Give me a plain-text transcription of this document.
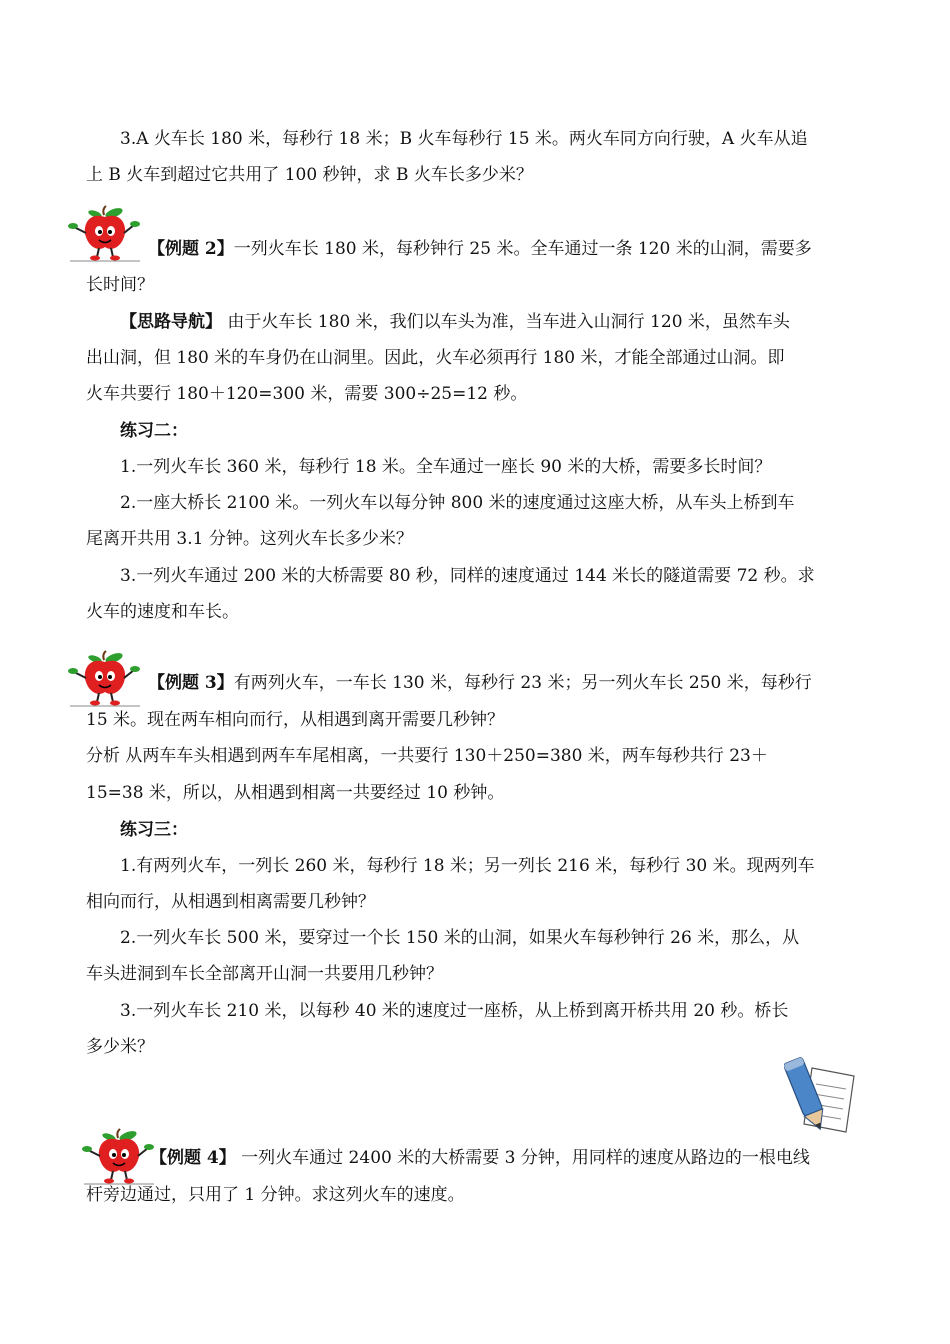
3.A 火车长 180 米，每秒行 18 米；B 火车每秒行 15 米。两火车同方向行驶，A 火车从追
上 B 火车到超过它共用了 100 秒钟，求 B 火车长多少米？
【例题 2】一列火车长 180 米，每秒钟行 25 米。全车通过一条 120 米的山洞，需要多
长时间？
【思路导航】 由于火车长 180 米，我们以车头为准，当车进入山洞行 120 米，虽然车头
出山洞，但 180 米的车身仍在山洞里。因此，火车必须再行 180 米，才能全部通过山洞。即
火车共要行 180＋120=300 米，需要 300÷25=12 秒。
练习二：
1.一列火车长 360 米，每秒行 18 米。全车通过一座长 90 米的大桥，需要多长时间？
2.一座大桥长 2100 米。一列火车以每分钟 800 米的速度通过这座大桥，从车头上桥到车
尾离开共用 3.1 分钟。这列火车长多少米？
3.一列火车通过 200 米的大桥需要 80 秒，同样的速度通过 144 米长的隧道需要 72 秒。求
火车的速度和车长。
【例题 3】有两列火车，一车长 130 米，每秒行 23 米；另一列火车长 250 米，每秒行
15 米。现在两车相向而行，从相遇到离开需要几秒钟？
分析 从两车车头相遇到两车车尾相离，一共要行 130＋250=380 米，两车每秒共行 23＋
15=38 米，所以，从相遇到相离一共要经过 10 秒钟。
练习三：
1.有两列火车，一列长 260 米，每秒行 18 米；另一列长 216 米，每秒行 30 米。现两列车
相向而行，从相遇到相离需要几秒钟？
2.一列火车长 500 米，要穿过一个长 150 米的山洞，如果火车每秒钟行 26 米，那么，从
车头进洞到车长全部离开山洞一共要用几秒钟？
3.一列火车长 210 米，以每秒 40 米的速度过一座桥，从上桥到离开桥共用 20 秒。桥长
多少米？
【例题 4】 一列火车通过 2400 米的大桥需要 3 分钟，用同样的速度从路边的一根电线
杆旁边通过，只用了 1 分钟。求这列火车的速度。
